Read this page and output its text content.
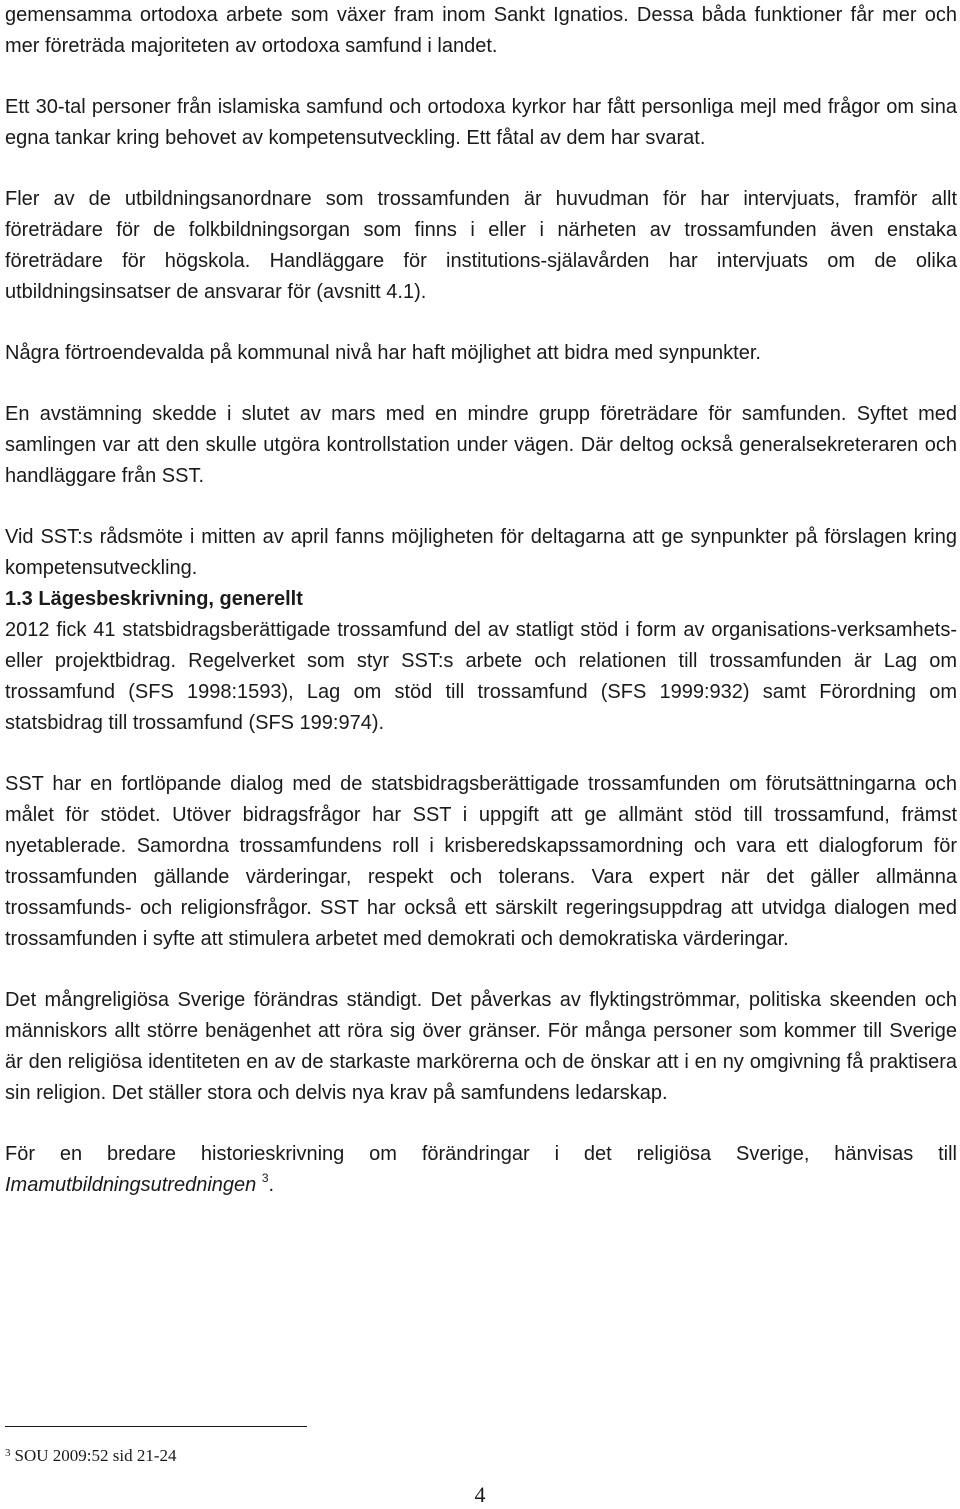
gemensamma ortodoxa arbete som växer fram inom Sankt Ignatios. Dessa båda funktioner får mer och mer företräda majoriteten av ortodoxa samfund i landet.

Ett 30-tal personer från islamiska samfund och ortodoxa kyrkor har fått personliga mejl med frågor om sina egna tankar kring behovet av kompetensutveckling. Ett fåtal av dem har svarat.

Fler av de utbildningsanordnare som trossamfunden är huvudman för har intervjuats, framför allt företrädare för de folkbildningsorgan som finns i eller i närheten av trossamfunden även enstaka företrädare för högskola. Handläggare för institutions-själavården har intervjuats om de olika utbildningsinsatser de ansvarar för (avsnitt 4.1).

Några förtroendevalda på kommunal nivå har haft möjlighet att bidra med synpunkter.

En avstämning skedde i slutet av mars med en mindre grupp företrädare för samfunden. Syftet med samlingen var att den skulle utgöra kontrollstation under vägen. Där deltog också generalsekreteraren och handläggare från SST.

Vid SST:s rådsmöte i mitten av april fanns möjligheten för deltagarna att ge synpunkter på förslagen kring kompetensutveckling.

1.3 Lägesbeskrivning, generellt

2012 fick 41 statsbidragsberättigade trossamfund del av statligt stöd i form av organisations-verksamhets- eller projektbidrag. Regelverket som styr SST:s arbete och relationen till trossamfunden är Lag om trossamfund (SFS 1998:1593), Lag om stöd till trossamfund (SFS 1999:932) samt Förordning om statsbidrag till trossamfund (SFS 199:974).

SST har en fortlöpande dialog med de statsbidragsberättigade trossamfunden om förutsättningarna och målet för stödet. Utöver bidragsfrågor har SST i uppgift att ge allmänt stöd till trossamfund, främst nyetablerade. Samordna trossamfundens roll i krisberedskapssamordning och vara ett dialogforum för trossamfunden gällande värderingar, respekt och tolerans. Vara expert när det gäller allmänna trossamfunds- och religionsfrågor. SST har också ett särskilt regeringsuppdrag att utvidga dialogen med trossamfunden i syfte att stimulera arbetet med demokrati och demokratiska värderingar.

Det mångreligiösa Sverige förändras ständigt. Det påverkas av flyktingströmmar, politiska skeenden och människors allt större benägenhet att röra sig över gränser. För många personer som kommer till Sverige är den religiösa identiteten en av de starkaste markörerna och de önskar att i en ny omgivning få praktisera sin religion. Det ställer stora och delvis nya krav på samfundens ledarskap.

För en bredare historieskrivning om förändringar i det religiösa Sverige, hänvisas till Imamutbildningsutredningen $^3$.

$^3$ SOU 2009:52 sid 21-24
4
